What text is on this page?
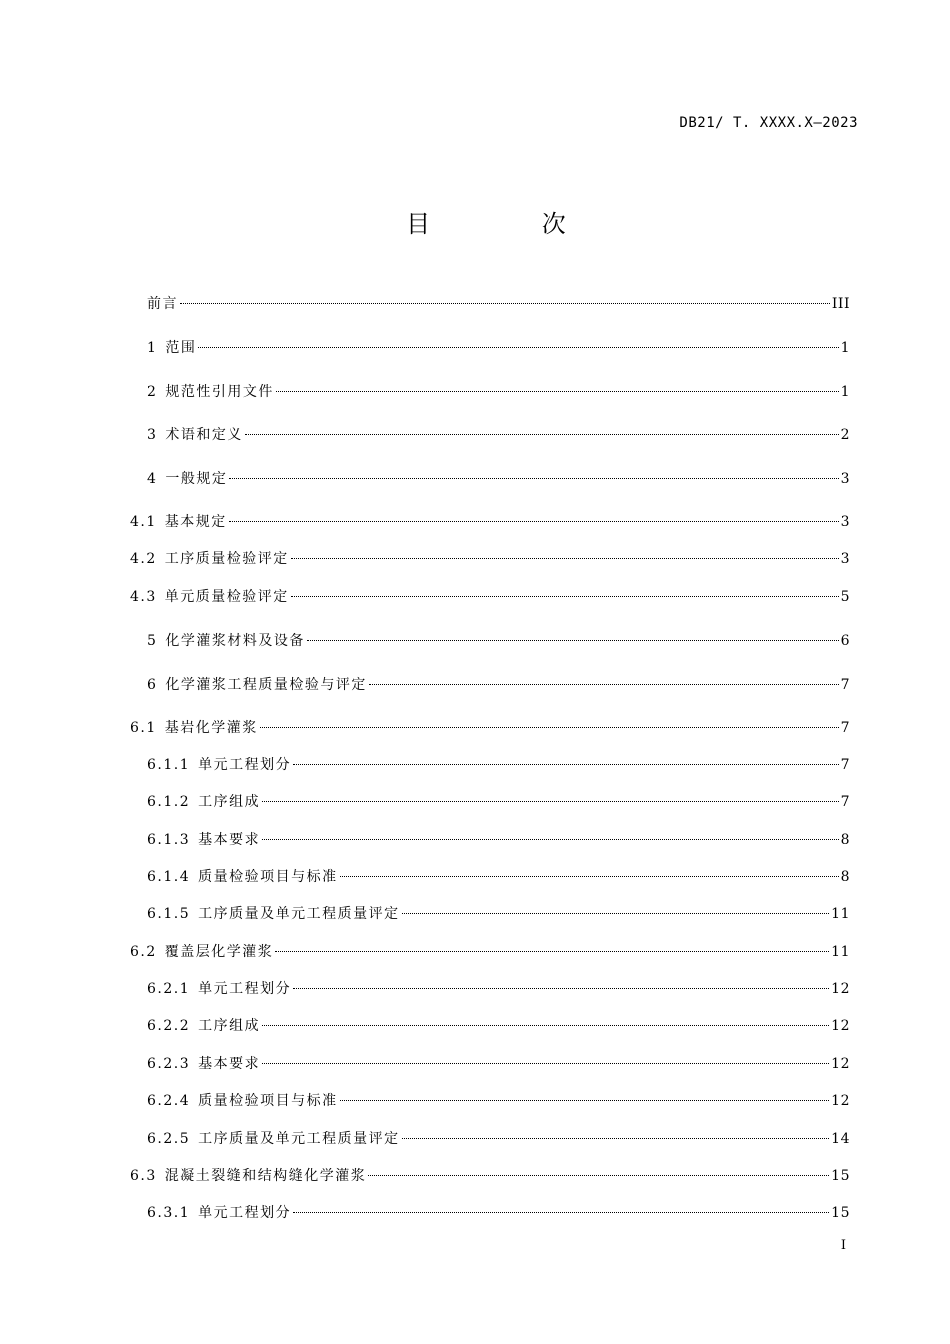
DB21/ T. XXXX.X—2023
目 次
前言	III
1 范围	1
2 规范性引用文件	1
3 术语和定义	2
4 一般规定	3
4.1 基本规定	3
4.2 工序质量检验评定	3
4.3 单元质量检验评定	5
5 化学灌浆材料及设备	6
6 化学灌浆工程质量检验与评定	7
6.1 基岩化学灌浆	7
6.1.1 单元工程划分	7
6.1.2 工序组成	7
6.1.3 基本要求	8
6.1.4 质量检验项目与标准	8
6.1.5 工序质量及单元工程质量评定	11
6.2 覆盖层化学灌浆	11
6.2.1 单元工程划分	12
6.2.2 工序组成	12
6.2.3 基本要求	12
6.2.4 质量检验项目与标准	12
6.2.5 工序质量及单元工程质量评定	14
6.3 混凝土裂缝和结构缝化学灌浆	15
6.3.1 单元工程划分	15
I
